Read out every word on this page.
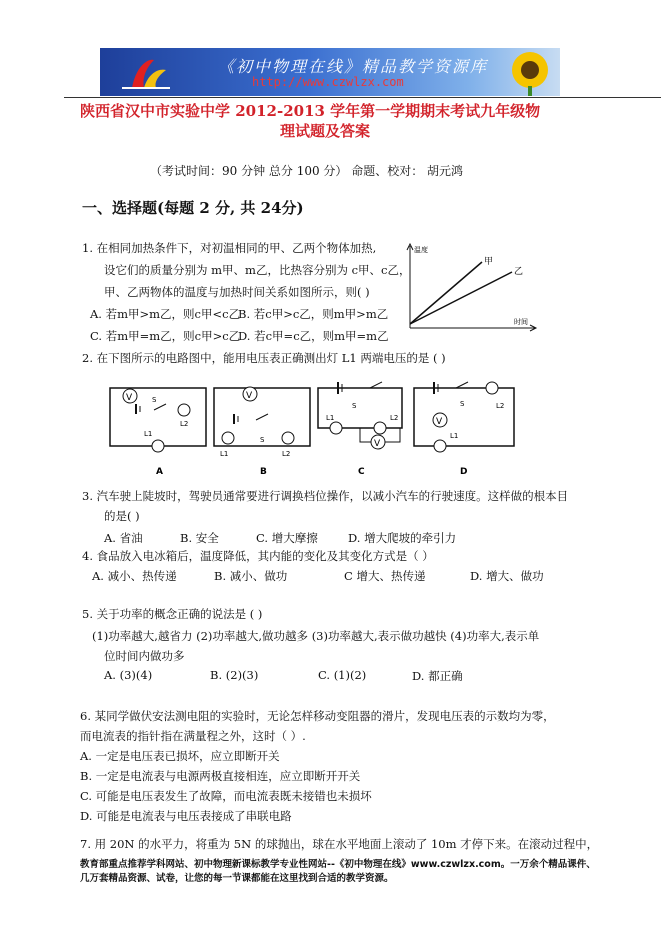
《初中物理在线》精品教学资源库
http://www.czwlzx.com
陕西省汉中市实验中学 2012-2013 学年第一学期期末考试九年级物
理试题及答案
（考试时间：90 分钟 总分 100 分） 命题、校对： 胡元鸿
一、选择题(每题 2 分, 共 24分)
1. 在相同加热条件下，对初温相同的甲、乙两个物体加热,
设它们的质量分别为 m甲、m乙，比热容分别为 c甲、c乙，
甲、乙两物体的温度与加热时间关系如图所示，则( )
A. 若m甲>m乙，则c甲<c乙
B. 若c甲>c乙，则m甲>m乙
C. 若m甲=m乙，则c甲>c乙
D. 若c甲=c乙，则m甲=m乙
温度
时间
甲
乙
2. 在下图所示的电路图中，能用电压表正确测出灯 L1 两端电压的是 ( )
V	S
L2
L1
V
L1
S
L2
S
L1	L2
V
L2
S
V
L1
A	B	C	D
3. 汽车驶上陡坡时，驾驶员通常要进行调换档位操作，以减小汽车的行驶速度。这样做的根本目
的是( )
A. 省油	B. 安全	C. 增大摩擦	D. 增大爬坡的牵引力
4. 食品放入电冰箱后，温度降低，其内能的变化及其变化方式是（ ）
A. 减小、热传递	B. 减小、做功	C 增大、热传递	D. 增大、做功
5. 关于功率的概念正确的说法是 ( )
(1)功率越大,越省力 (2)功率越大,做功越多 (3)功率越大,表示做功越快 (4)功率大,表示单
位时间内做功多
A. (3)(4)	B. (2)(3)	C. (1)(2)	D. 都正确
6. 某同学做伏安法测电阻的实验时，无论怎样移动变阻器的滑片，发现电压表的示数均为零，
而电流表的指针指在满量程之外，这时（ ）.
A. 一定是电压表已损坏，应立即断开关
B. 一定是电流表与电源两极直接相连，应立即断开开关
C. 可能是电压表发生了故障，而电流表既未接错也未损坏
D. 可能是电流表与电压表接成了串联电路
7. 用 20N 的水平力，将重为 5N 的球抛出，球在水平地面上滚动了 10m 才停下来。在滚动过程中，
教育部重点推荐学科网站、初中物理新课标教学专业性网站--《初中物理在线》www.czwlzx.com。一万余个精品课件、
几万套精品资源、试卷，让您的每一节课都能在这里找到合适的教学资源。
